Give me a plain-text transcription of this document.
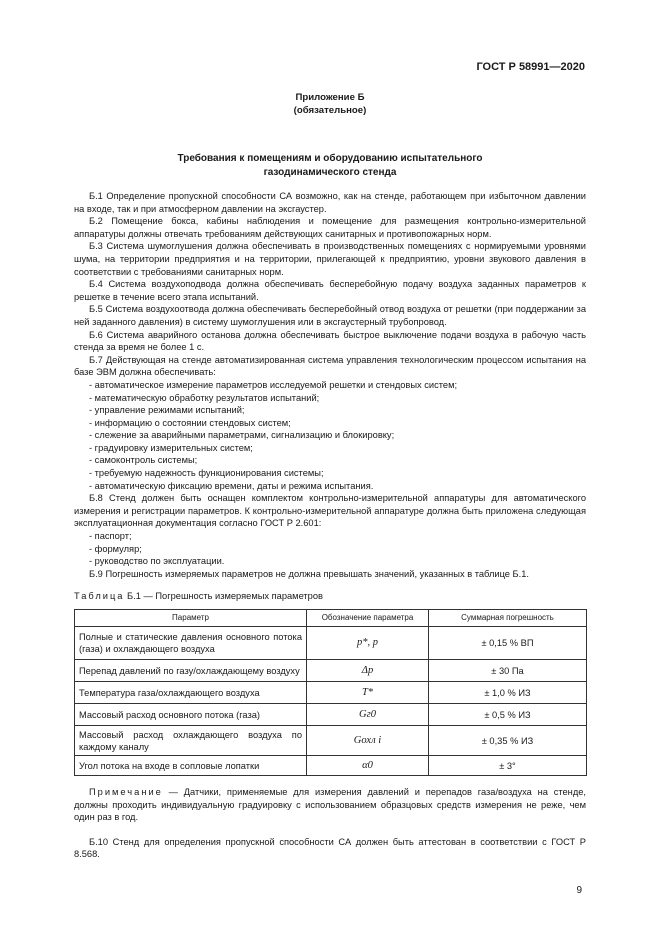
ГОСТ Р 58991—2020
Приложение Б
(обязательное)
Требования к помещениям и оборудованию испытательного
газодинамического стенда

Б.1 Определение пропускной способности СА возможно, как на стенде, работающем при избыточном давлении на входе, так и при атмосферном давлении на эксгаустер.

Б.2 Помещение бокса, кабины наблюдения и помещение для размещения контрольно-измерительной аппаратуры должны отвечать требованиям действующих санитарных и противопожарных норм.

Б.3 Система шумоглушения должна обеспечивать в производственных помещениях с нормируемыми уровнями шума, на территории предприятия и на территории, прилегающей к предприятию, уровни звукового давления в соответствии с требованиями санитарных норм.

Б.4 Система воздухоподвода должна обеспечивать бесперебойную подачу воздуха заданных параметров к решетке в течение всего этапа испытаний.

Б.5 Система воздухоотвода должна обеспечивать бесперебойный отвод воздуха от решетки (при поддержании за ней заданного давления) в систему шумоглушения или в эксгаустерный трубопровод.

Б.6 Система аварийного останова должна обеспечивать быстрое выключение подачи воздуха в рабочую часть стенда за время не более 1 с.

Б.7 Действующая на стенде автоматизированная система управления технологическим процессом испытания на базе ЭВМ должна обеспечивать:

- автоматическое измерение параметров исследуемой решетки и стендовых систем;

- математическую обработку результатов испытаний;

- управление режимами испытаний;

- информацию о состоянии стендовых систем;

- слежение за аварийными параметрами, сигнализацию и блокировку;

- градуировку измерительных систем;

- самоконтроль системы;

- требуемую надежность функционирования системы;

- автоматическую фиксацию времени, даты и режима испытания.

Б.8 Стенд должен быть оснащен комплектом контрольно-измерительной аппаратуры для автоматического измерения и регистрации параметров. К контрольно-измерительной аппаратуре должна быть приложена следующая эксплуатационная документация согласно ГОСТ Р 2.601:

- паспорт;

- формуляр;

- руководство по эксплуатации.

Б.9 Погрешность измеряемых параметров не должна превышать значений, указанных в таблице Б.1.

Таблица Б.1 — Погрешность измеряемых параметров
Параметр	Обозначение параметра	Суммарная погрешность
Полные и статические давления основного потока (газа) и охлаждающего воздуха	p*, p	± 0,15 % ВП
Перепад давлений по газу/охлаждающему воздуху	Δp	± 30 Па
Температура газа/охлаждающего воздуха	T*	± 1,0 % ИЗ
Массовый расход основного потока (газа)	Gг0	± 0,5 % ИЗ
Массовый расход охлаждающего воздуха по каждому каналу	Gохл i	± 0,35 % ИЗ
Угол потока на входе в сопловые лопатки	α0	± 3°

Примечание — Датчики, применяемые для измерения давлений и перепадов газа/воздуха на стенде, должны проходить индивидуальную градуировку с использованием образцовых средств измерения не реже, чем один раз в год.

Б.10 Стенд для определения пропускной способности СА должен быть аттестован в соответствии с ГОСТ Р 8.568.

9
